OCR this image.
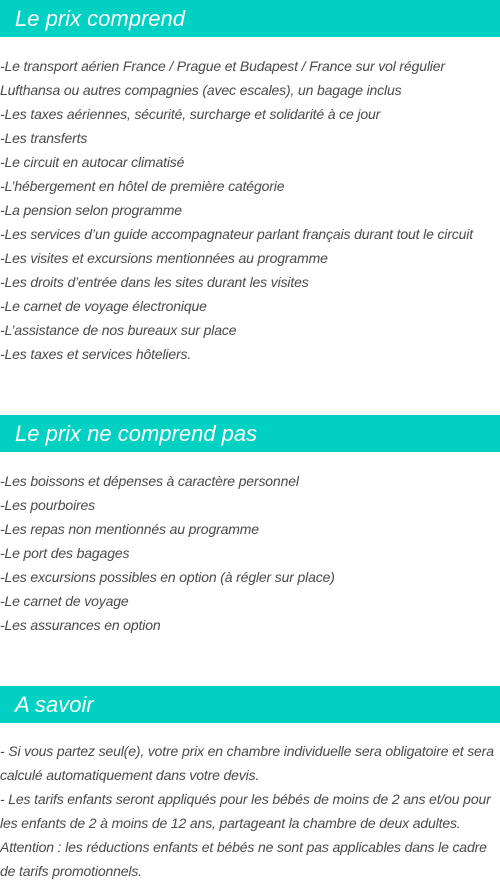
Le prix comprend
-Le transport aérien France / Prague et Budapest / France sur vol régulier
Lufthansa ou autres compagnies (avec escales), un bagage inclus
-Les taxes aériennes, sécurité, surcharge et solidarité à ce jour
-Les transferts
-Le circuit en autocar climatisé
-L’hébergement en hôtel de première catégorie
-La pension selon programme
-Les services d’un guide accompagnateur parlant français durant tout le circuit
-Les visites et excursions mentionnées au programme
-Les droits d’entrée dans les sites durant les visites
-Le carnet de voyage électronique
-L’assistance de nos bureaux sur place
-Les taxes et services hôteliers.
Le prix ne comprend pas
-Les boissons et dépenses à caractère personnel
-Les pourboires
-Les repas non mentionnés au programme
-Le port des bagages
-Les excursions possibles en option (à régler sur place)
-Le carnet de voyage
-Les assurances en option
A savoir
- Si vous partez seul(e), votre prix en chambre individuelle sera obligatoire et sera calculé automatiquement dans votre devis.
- Les tarifs enfants seront appliqués pour les bébés de moins de 2 ans et/ou pour les enfants de 2 à moins de 12 ans, partageant la chambre de deux adultes.
Attention : les réductions enfants et bébés ne sont pas applicables dans le cadre de tarifs promotionnels.
